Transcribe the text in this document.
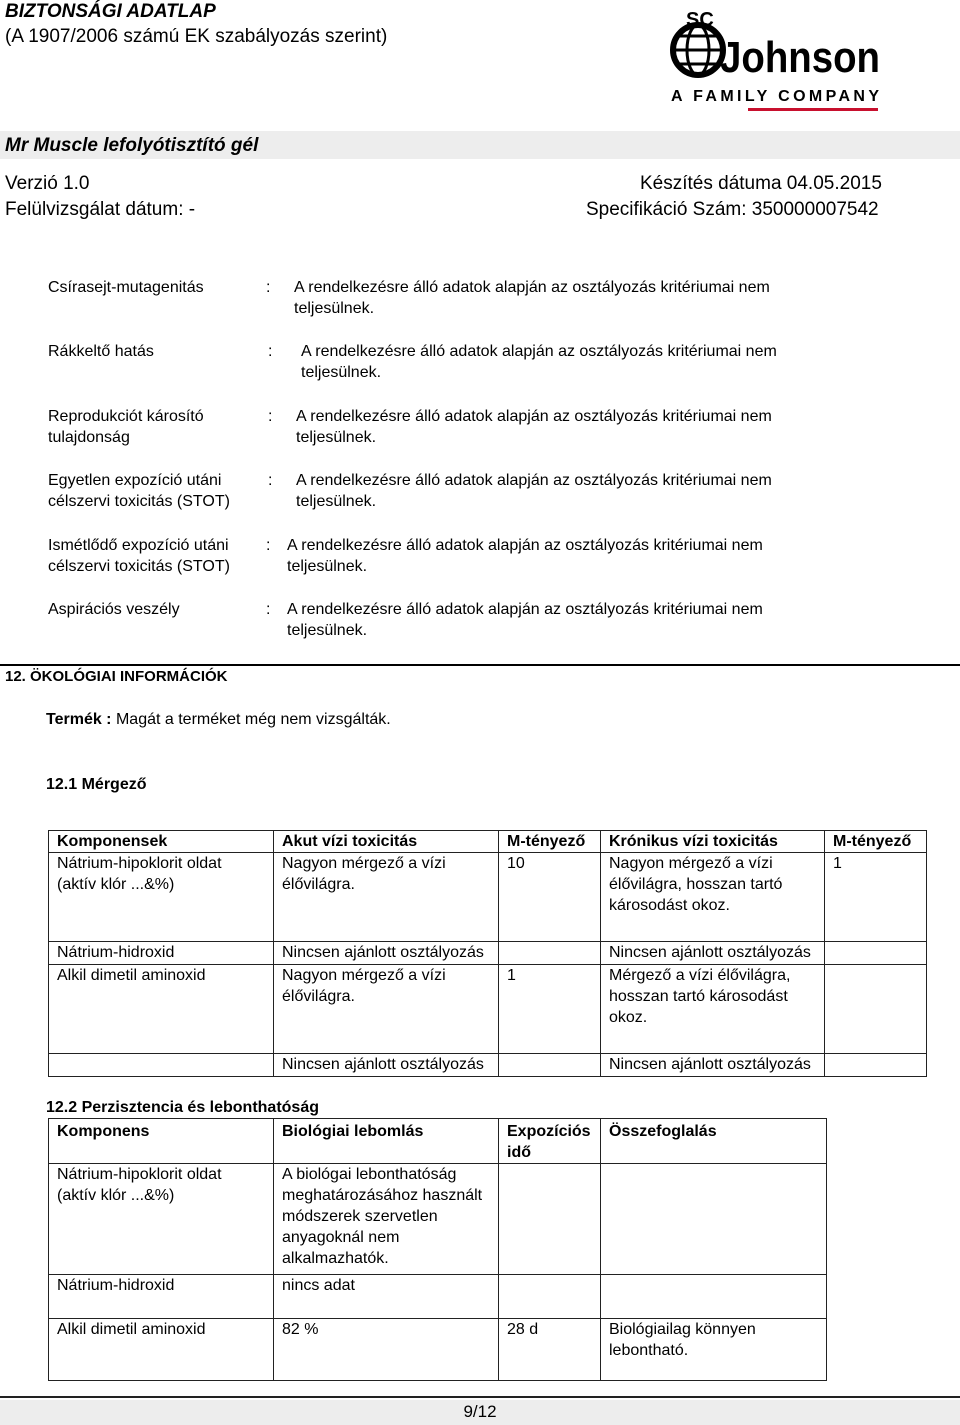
BIZTONSÁGI ADATLAP
(A 1907/2006 számú EK szabályozás szerint)
SC
Johnson
A FAMILY COMPANY
Mr Muscle lefolyótisztító gél
Verzió 1.0
Felülvizsgálat dátum: -
Készítés dátuma 04.05.2015
Specifikáció Szám: 350000007542
Csírasejt-mutagenitás	: A rendelkezésre álló adatok alapján az osztályozás kritériumai nem teljesülnek.
Rákkeltő hatás	: A rendelkezésre álló adatok alapján az osztályozás kritériumai nem teljesülnek.
Reprodukciót károsító tulajdonság
: A rendelkezésre álló adatok alapján az osztályozás kritériumai nem teljesülnek.
Egyetlen expozíció utáni célszervi toxicitás (STOT)
: A rendelkezésre álló adatok alapján az osztályozás kritériumai nem teljesülnek.
Ismétlődő expozíció utáni célszervi toxicitás (STOT)
: A rendelkezésre álló adatok alapján az osztályozás kritériumai nem teljesülnek.
Aspirációs veszély	: A rendelkezésre álló adatok alapján az osztályozás kritériumai nem teljesülnek.
12. ÖKOLÓGIAI INFORMÁCIÓK
Termék : Magát a terméket még nem vizsgálták.
12.1 Mérgező
Komponensek	Akut vízi toxicitás	M-tényező	Krónikus vízi toxicitás	M-tényező
Nátrium-hipoklorit oldat (aktív klór ...&%)	Nagyon mérgező a vízi élővilágra.	10	Nagyon mérgező a vízi élővilágra, hosszan tartó károsodást okoz.	1
Nátrium-hidroxid	Nincsen ajánlott osztályozás		Nincsen ajánlott osztályozás	
Alkil dimetil aminoxid	Nagyon mérgező a vízi élővilágra.	1	Mérgező a vízi élővilágra, hosszan tartó károsodást okoz.	
	Nincsen ajánlott osztályozás		Nincsen ajánlott osztályozás	
12.2 Perzisztencia és lebonthatóság
Komponens	Biológiai lebomlás	Expozíciós idő	Összefoglalás
Nátrium-hipoklorit oldat (aktív klór ...&%)	A biológai lebonthatóság meghatározásához használt módszerek szervetlen anyagoknál nem alkalmazhatók.		
Nátrium-hidroxid	nincs adat		
Alkil dimetil aminoxid	82 %	28 d	Biológiailag könnyen lebontható.
9/12
